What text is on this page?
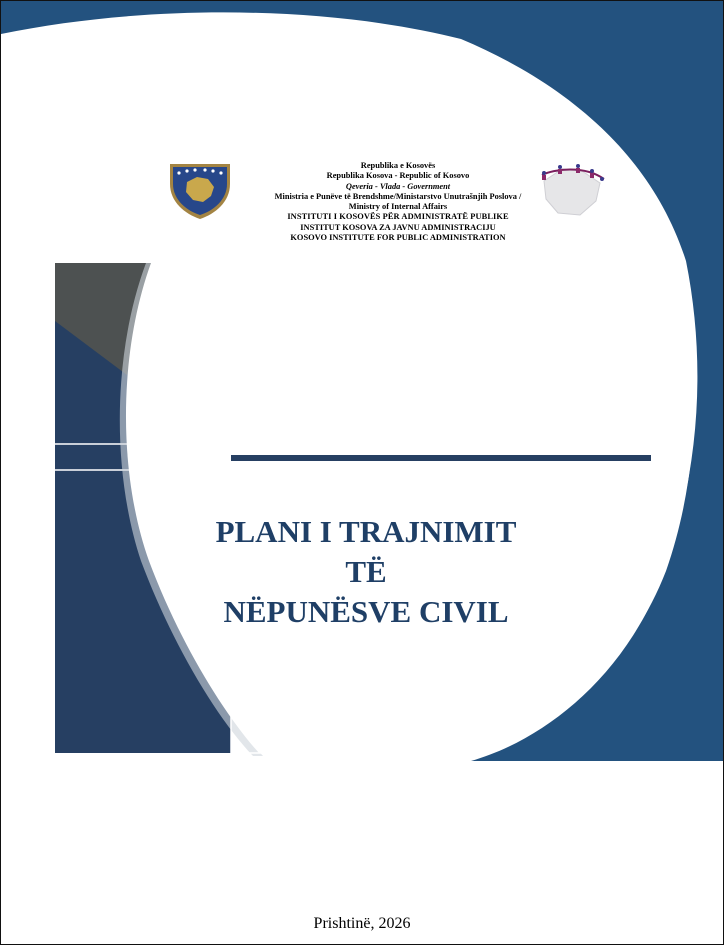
Republika e Kosovës
Republika Kosova - Republic of Kosovo
Qeveria - Vlada - Government
Ministria e Punëve të Brendshme/Ministarstvo Unutrašnjih Poslova /
Ministry of Internal Affairs
INSTITUTI I KOSOVËS PËR ADMINISTRATË PUBLIKE
INSTITUT KOSOVA ZA JAVNU ADMINISTRACIJU
KOSOVO INSTITUTE FOR PUBLIC ADMINISTRATION
PLANI I TRAJNIMIT
TË
NËPUNËSVE CIVIL
Prishtinë, 2026
